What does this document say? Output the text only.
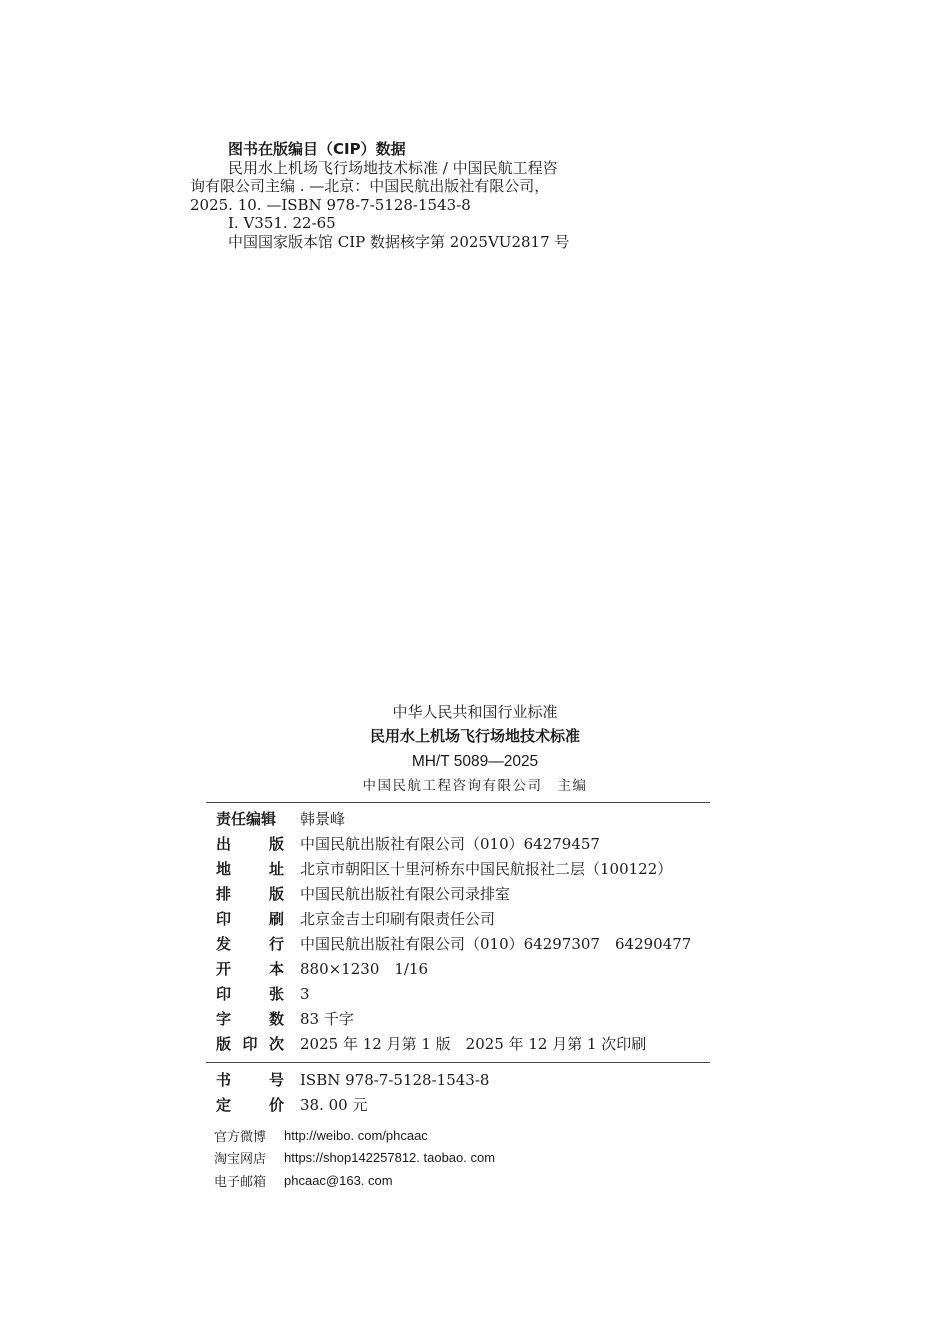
图书在版编目（CIP）数据
民用水上机场飞行场地技术标准 / 中国民航工程咨
询有限公司主编 . —北京：中国民航出版社有限公司，
2025. 10. —ISBN 978-7-5128-1543-8
Ⅰ. V351. 22-65
中国国家版本馆 CIP 数据核字第 2025VU2817 号
中华人民共和国行业标准
民用水上机场飞行场地技术标准
MH/T 5089—2025
中国民航工程咨询有限公司　主编
责任编辑	韩景峰
出	版 中国民航出版社有限公司（010）64279457
地	址 北京市朝阳区十里河桥东中国民航报社二层（100122）
排	版 中国民航出版社有限公司录排室
印	刷 北京金吉士印刷有限责任公司
发	行 中国民航出版社有限公司（010）64297307　64290477
开	本 880×1230　1/16
印	张 3
字	数 83 千字
版 印 次 2025 年 12 月第 1 版　2025 年 12 月第 1 次印刷
书	号 ISBN 978-7-5128-1543-8
定	价 38. 00 元
官方微博	http://weibo. com/phcaac
淘宝网店	https://shop142257812. taobao. com
电子邮箱	phcaac@163. com
